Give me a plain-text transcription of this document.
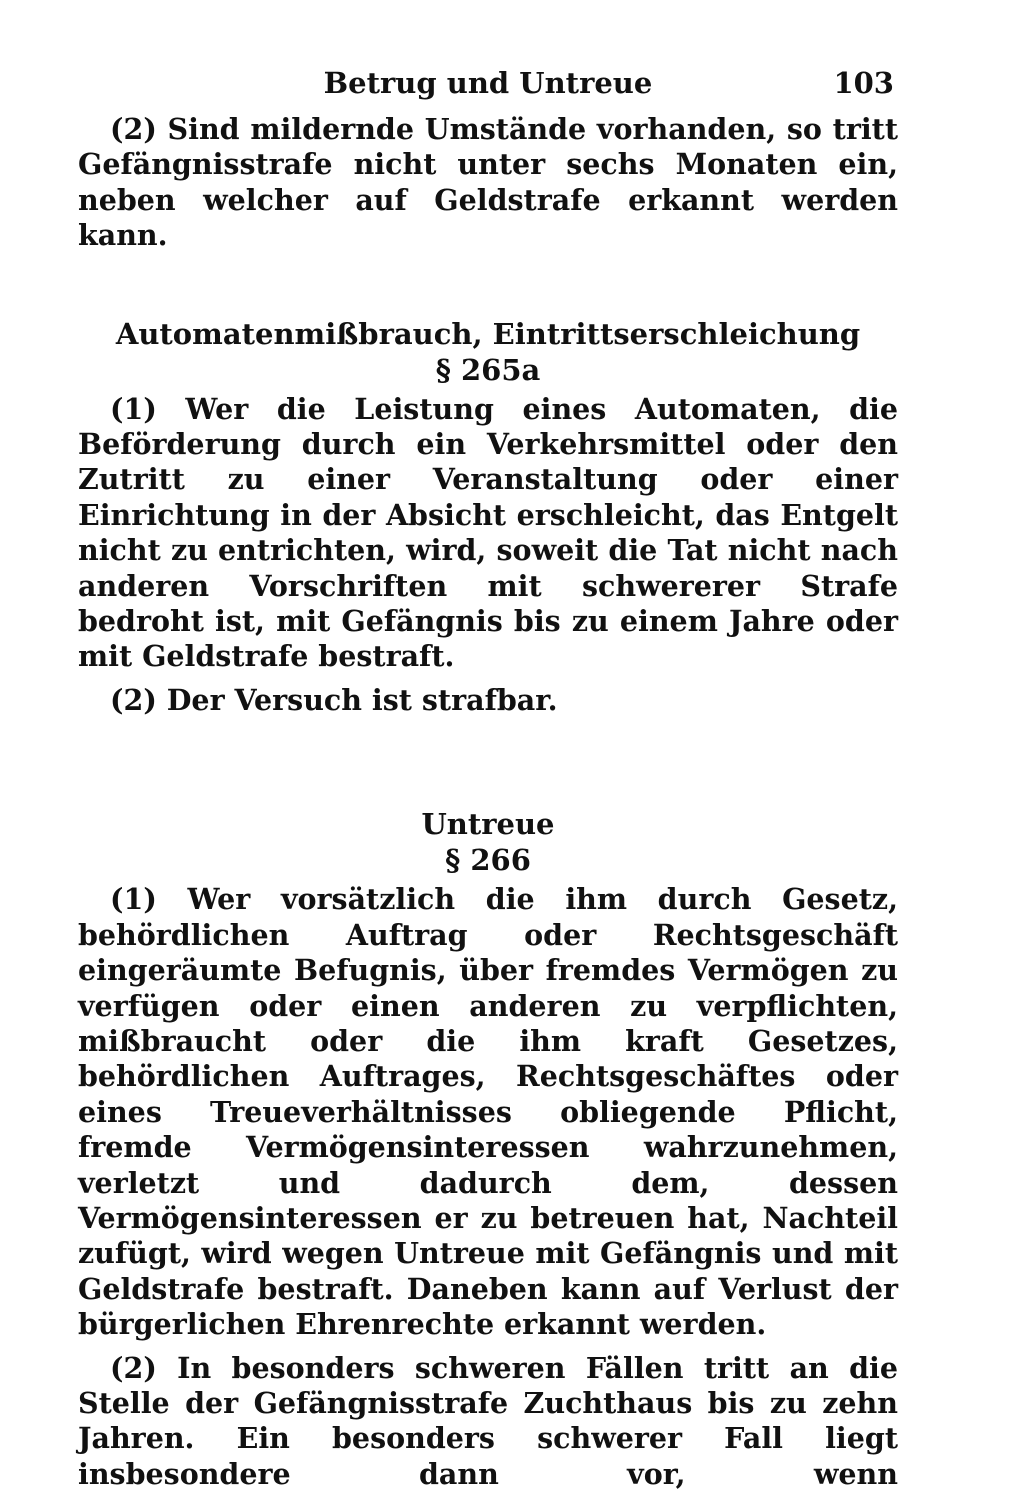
Betrug und Untreue	103

(2) Sind mildernde Umstände vorhanden, so tritt Gefängnisstrafe nicht unter sechs Monaten ein, neben welcher auf Geldstrafe erkannt werden kann.

Automatenmißbrauch, Eintrittserschleichung
§ 265a

(1) Wer die Leistung eines Automaten, die Beförderung durch ein Verkehrsmittel oder den Zutritt zu einer Veranstaltung oder einer Einrichtung in der Absicht erschleicht, das Entgelt nicht zu entrichten, wird, soweit die Tat nicht nach anderen Vorschriften mit schwererer Strafe bedroht ist, mit Gefängnis bis zu einem Jahre oder mit Geldstrafe bestraft.

(2) Der Versuch ist strafbar.

Untreue
§ 266

(1) Wer vorsätzlich die ihm durch Gesetz, behördlichen Auftrag oder Rechtsgeschäft eingeräumte Befugnis, über fremdes Vermögen zu verfügen oder einen anderen zu verpflichten, mißbraucht oder die ihm kraft Gesetzes, behördlichen Auftrages, Rechtsgeschäftes oder eines Treueverhältnisses obliegende Pflicht, fremde Vermögensinteressen wahrzunehmen, verletzt und dadurch dem, dessen Vermögensinteressen er zu betreuen hat, Nachteil zufügt, wird wegen Untreue mit Gefängnis und mit Geldstrafe bestraft. Daneben kann auf Verlust der bürgerlichen Ehrenrechte erkannt werden.

(2) In besonders schweren Fällen tritt an die Stelle der Gefängnisstrafe Zuchthaus bis zu zehn Jahren. Ein besonders schwerer Fall liegt insbesondere dann vor, wenn
